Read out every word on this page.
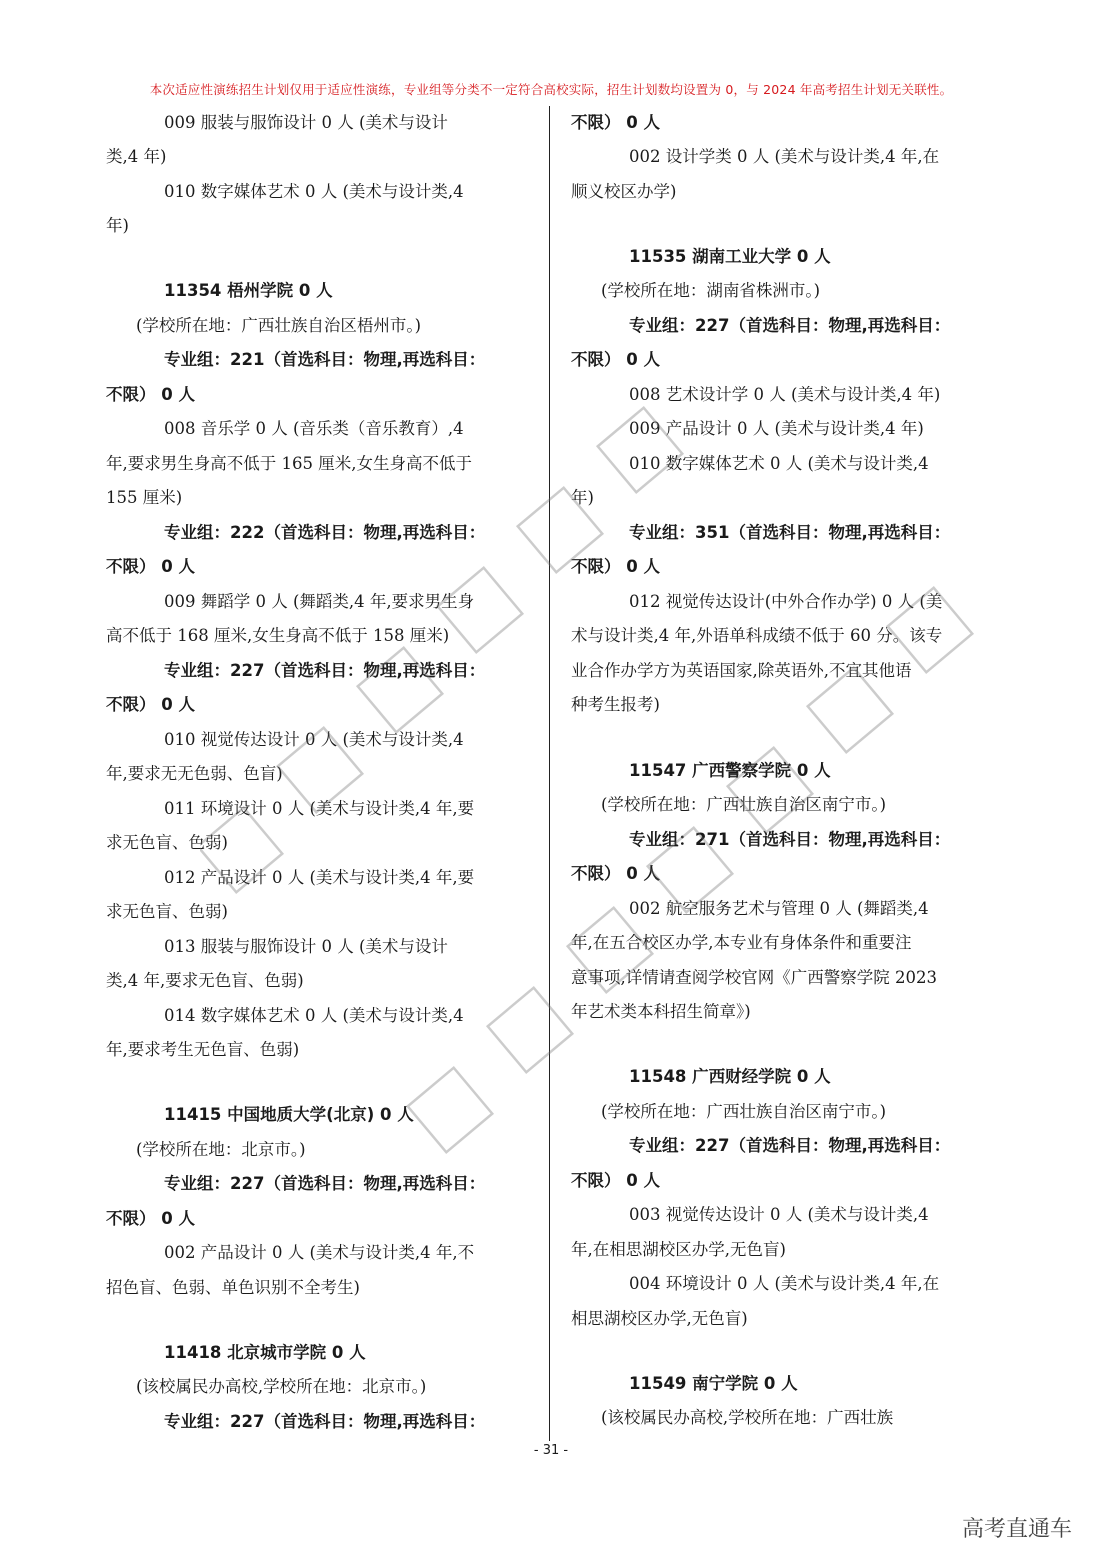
本次适应性演练招生计划仅用于适应性演练，专业组等分类不一定符合高校实际，招生计划数均设置为 0，与 2024 年高考招生计划无关联性。
009 服装与服饰设计 0 人 (美术与设计
类,4 年)
010 数字媒体艺术 0 人 (美术与设计类,4
年)
11354 梧州学院 0 人
(学校所在地：广西壮族自治区梧州市。)
专业组：221（首选科目：物理,再选科目：
不限） 0 人
008 音乐学 0 人 (音乐类（音乐教育）,4
年,要求男生身高不低于 165 厘米,女生身高不低于
155 厘米)
专业组：222（首选科目：物理,再选科目：
不限） 0 人
009 舞蹈学 0 人 (舞蹈类,4 年,要求男生身
高不低于 168 厘米,女生身高不低于 158 厘米)
专业组：227（首选科目：物理,再选科目：
不限） 0 人
010 视觉传达设计 0 人 (美术与设计类,4
年,要求无无色弱、色盲)
011 环境设计 0 人 (美术与设计类,4 年,要
求无色盲、色弱)
012 产品设计 0 人 (美术与设计类,4 年,要
求无色盲、色弱)
013 服装与服饰设计 0 人 (美术与设计
类,4 年,要求无色盲、色弱)
014 数字媒体艺术 0 人 (美术与设计类,4
年,要求考生无色盲、色弱)
11415 中国地质大学(北京) 0 人
(学校所在地：北京市。)
专业组：227（首选科目：物理,再选科目：
不限） 0 人
002 产品设计 0 人 (美术与设计类,4 年,不
招色盲、色弱、单色识别不全考生)
11418 北京城市学院 0 人
(该校属民办高校,学校所在地：北京市。)
专业组：227（首选科目：物理,再选科目：
不限） 0 人
002 设计学类 0 人 (美术与设计类,4 年,在
顺义校区办学)
11535 湖南工业大学 0 人
(学校所在地：湖南省株洲市。)
专业组：227（首选科目：物理,再选科目：
不限） 0 人
008 艺术设计学 0 人 (美术与设计类,4 年)
009 产品设计 0 人 (美术与设计类,4 年)
010 数字媒体艺术 0 人 (美术与设计类,4
年)
专业组：351（首选科目：物理,再选科目：
不限） 0 人
012 视觉传达设计(中外合作办学) 0 人 (美
术与设计类,4 年,外语单科成绩不低于 60 分。该专
业合作办学方为英语国家,除英语外,不宜其他语
种考生报考)
11547 广西警察学院 0 人
(学校所在地：广西壮族自治区南宁市。)
专业组：271（首选科目：物理,再选科目：
不限） 0 人
002 航空服务艺术与管理 0 人 (舞蹈类,4
年,在五合校区办学,本专业有身体条件和重要注
意事项,详情请查阅学校官网《广西警察学院 2023
年艺术类本科招生简章》)
11548 广西财经学院 0 人
(学校所在地：广西壮族自治区南宁市。)
专业组：227（首选科目：物理,再选科目：
不限） 0 人
003 视觉传达设计 0 人 (美术与设计类,4
年,在相思湖校区办学,无色盲)
004 环境设计 0 人 (美术与设计类,4 年,在
相思湖校区办学,无色盲)
11549 南宁学院 0 人
(该校属民办高校,学校所在地：广西壮族
- 31 -
高考直通车
